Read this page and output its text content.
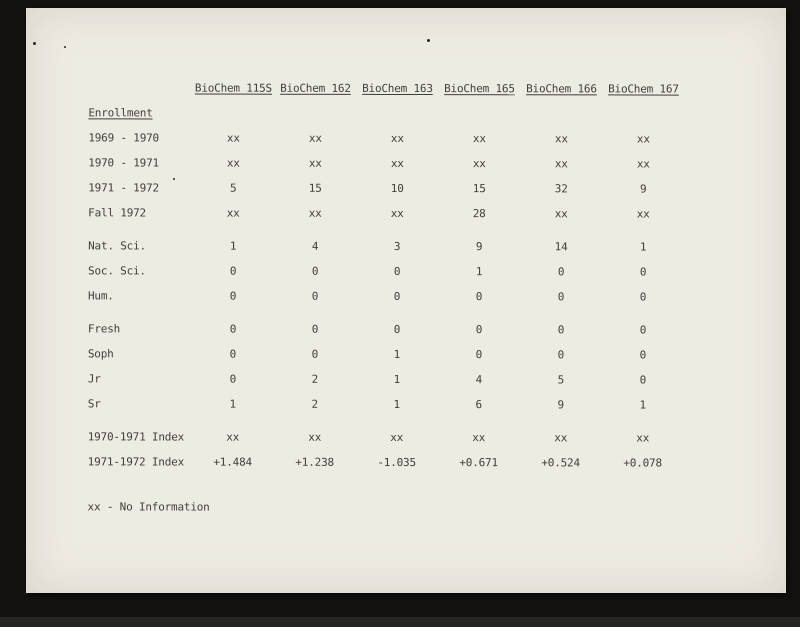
	BioChem 115S	BioChem 162	BioChem 163	BioChem 165	BioChem 166	BioChem 167
Enrollment						
1969 - 1970	xx	xx	xx	xx	xx	xx
1970 - 1971	xx	xx	xx	xx	xx	xx
1971 - 1972	5	15	10	15	32	9
Fall 1972	xx	xx	xx	28	xx	xx
Nat. Sci.	1	4	3	9	14	1
Soc. Sci.	0	0	0	1	0	0
Hum.	0	0	0	0	0	0
Fresh	0	0	0	0	0	0
Soph	0	0	1	0	0	0
Jr	0	2	1	4	5	0
Sr	1	2	1	6	9	1
1970-1971 Index	xx	xx	xx	xx	xx	xx
1971-1972 Index	+1.484	+1.238	-1.035	+0.671	+0.524	+0.078
xx - No Information
